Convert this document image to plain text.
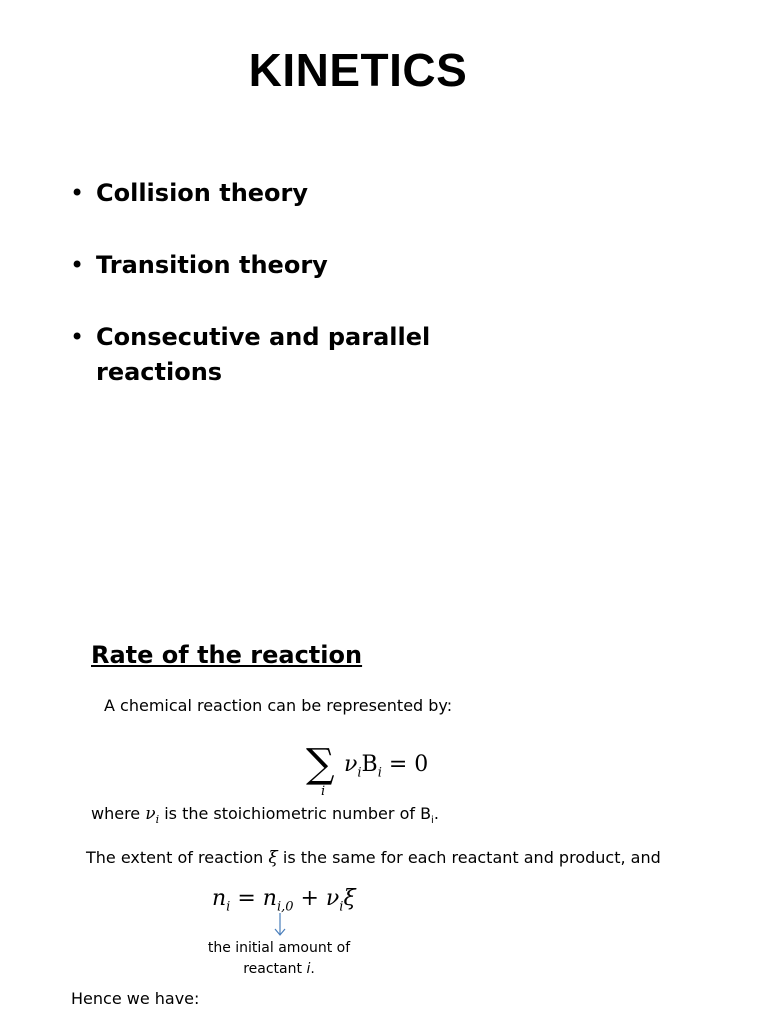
KINETICS
• Collision theory
• Transition theory
• Consecutive and parallel reactions
Rate of the reaction
A chemical reaction can be represented by:
∑
i
$\nu_iB_i = 0$
where $\nu_i$ is the stoichiometric number of $B_i$.
The extent of reaction ξ is the same for each reactant and product, and
$n_i = n_{i,0} + \nu_i\xi$
the initial amount of
reactant i.
Hence we have:
